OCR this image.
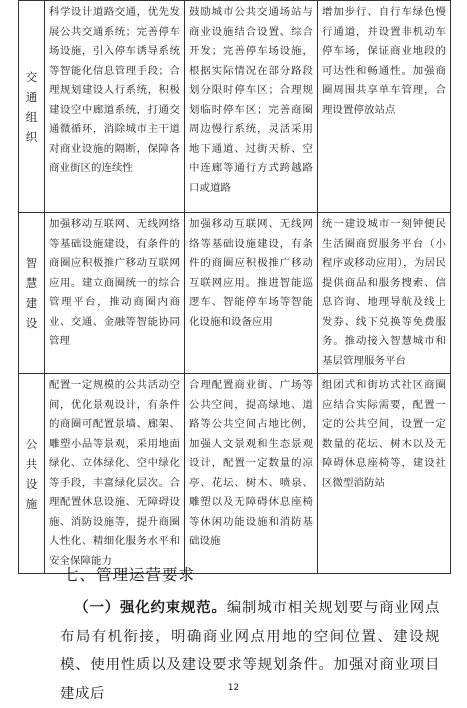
交通组织	科学设计道路交通，优先发展公共交通系统；完善停车场设施，引入停车诱导系统等智能化信息管理手段；合理规划建设人行系统，积极建设空中廊道系统，打通交通微循环，消除城市主干道对商业设施的隔断，保障各商业街区的连续性	鼓励城市公共交通场站与商业设施结合设置、综合开发；完善停车场设施，根据实际情况在部分路段划分限时停车区；合理规划临时停车区；完善商圈周边慢行系统，灵活采用地下通道、过街天桥、空中连廊等通行方式跨越路口或道路	增加步行、自行车绿色慢行通道，并设置非机动车停车场，保证商业地段的可达性和畅通性。加强商圈周围共享单车管理，合理设置停放站点

智慧建设	加强移动互联网、无线网络等基础设施建设，有条件的商圈应积极推广移动互联网应用。建立商圈统一的综合管理平台，推动商圈内商业、交通、金融等智能协同管理	加强移动互联网、无线网络等基础设施建设，有条件的商圈应积极推广移动互联网应用。推进智能巡逻车、智能停车场等智能化设施和设备应用	统一建设城市一刻钟便民生活圈商贸服务平台（小程序或移动应用），为居民提供商品和服务搜索、信息咨询、地理导航及线上发券、线下兑换等免费服务。推动接入智慧城市和基层管理服务平台

公共设施	配置一定规模的公共活动空间，优化景观设计，有条件的商圈可配置景墙、廊架、雕塑小品等景观，采用地面绿化、立体绿化、空中绿化等手段，丰富绿化层次。合理配置休息设施、无障碍设施、消防设施等，提升商圈人性化、精细化服务水平和安全保障能力	合理配置商业街、广场等公共空间，提高绿地、道路等公共空间占地比例，加强人文景观和生态景观设计，配置一定数量的凉亭、花坛、树木、喷泉、雕塑以及无障碍休息座椅等休闲功能设施和消防基础设施	组团式和街坊式社区商圈应结合实际需要，配置一定的公共空间，设置一定数量的花坛、树木以及无障碍休息座椅等，建设社区微型消防站
七、管理运营要求

（一）强化约束规范。编制城市相关规划要与商业网点布局有机衔接，明确商业网点用地的空间位置、建设规模、使用性质以及建设要求等规划条件。加强对商业项目建成后	12
